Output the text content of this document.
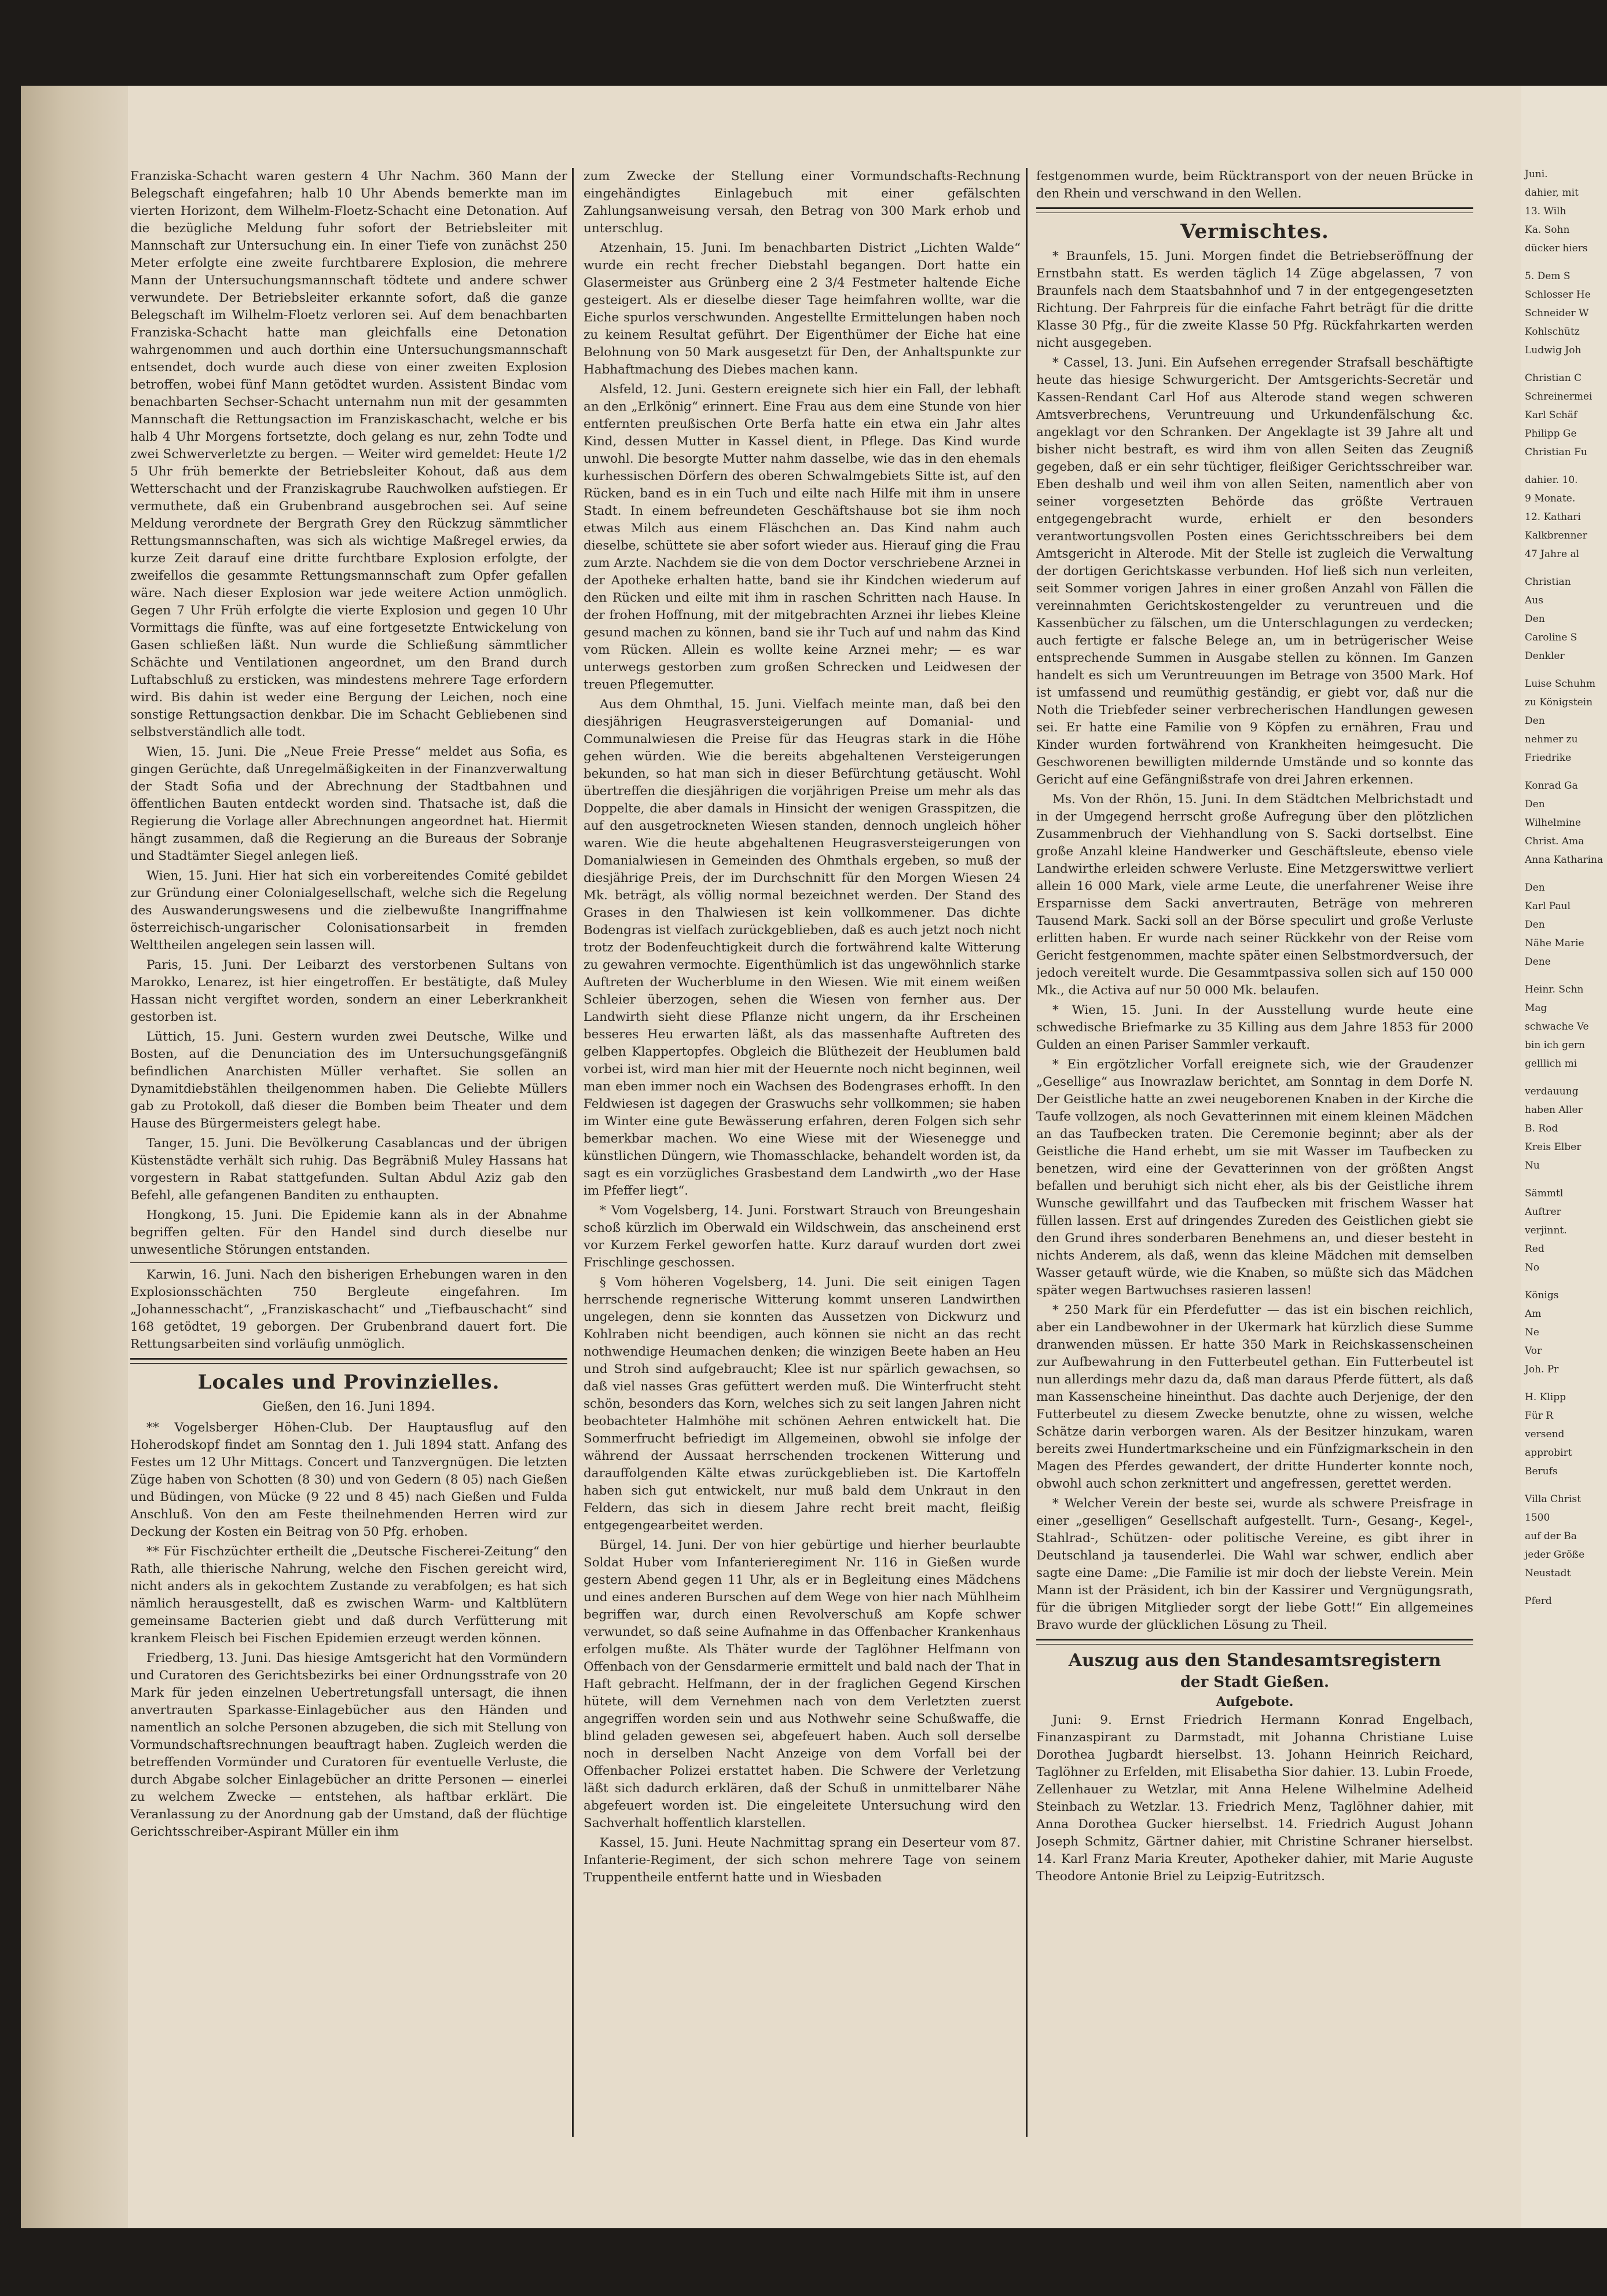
Franziska-Schacht waren gestern 4 Uhr Nachm. 360 Mann der Belegschaft eingefahren; halb 10 Uhr Abends bemerkte man im vierten Horizont, dem Wilhelm-Floetz-Schacht eine Detonation. Auf die bezügliche Meldung fuhr sofort der Betriebsleiter mit Mannschaft zur Untersuchung ein. In einer Tiefe von zunächst 250 Meter erfolgte eine zweite furchtbarere Explosion, die mehrere Mann der Untersuchungsmannschaft tödtete und andere schwer verwundete. Der Betriebsleiter erkannte sofort, daß die ganze Belegschaft im Wilhelm-Floetz verloren sei. Auf dem benachbarten Franziska-Schacht hatte man gleichfalls eine Detonation wahrgenommen und auch dorthin eine Untersuchungsmannschaft entsendet, doch wurde auch diese von einer zweiten Explosion betroffen, wobei fünf Mann getödtet wurden. Assistent Bindac vom benachbarten Sechser-Schacht unternahm nun mit der gesammten Mannschaft die Rettungsaction im Franziskaschacht, welche er bis halb 4 Uhr Morgens fortsetzte, doch gelang es nur, zehn Todte und zwei Schwerverletzte zu bergen. — Weiter wird gemeldet: Heute 1/2 5 Uhr früh bemerkte der Betriebsleiter Kohout, daß aus dem Wetterschacht und der Franziskagrube Rauchwolken aufstiegen. Er vermuthete, daß ein Grubenbrand ausgebrochen sei. Auf seine Meldung verordnete der Bergrath Grey den Rückzug sämmtlicher Rettungsmannschaften, was sich als wichtige Maßregel erwies, da kurze Zeit darauf eine dritte furchtbare Explosion erfolgte, der zweifellos die gesammte Rettungsmannschaft zum Opfer gefallen wäre. Nach dieser Explosion war jede weitere Action unmöglich. Gegen 7 Uhr Früh erfolgte die vierte Explosion und gegen 10 Uhr Vormittags die fünfte, was auf eine fortgesetzte Entwickelung von Gasen schließen läßt. Nun wurde die Schließung sämmtlicher Schächte und Ventilationen angeordnet, um den Brand durch Luftabschluß zu ersticken, was mindestens mehrere Tage erfordern wird. Bis dahin ist weder eine Bergung der Leichen, noch eine sonstige Rettungsaction denkbar. Die im Schacht Gebliebenen sind selbstverständlich alle todt.

Wien, 15. Juni. Die „Neue Freie Presse“ meldet aus Sofia, es gingen Gerüchte, daß Unregelmäßigkeiten in der Finanzverwaltung der Stadt Sofia und der Abrechnung der Stadtbahnen und öffentlichen Bauten entdeckt worden sind. Thatsache ist, daß die Regierung die Vorlage aller Abrechnungen angeordnet hat. Hiermit hängt zusammen, daß die Regierung an die Bureaus der Sobranje und Stadtämter Siegel anlegen ließ.

Wien, 15. Juni. Hier hat sich ein vorbereitendes Comité gebildet zur Gründung einer Colonialgesellschaft, welche sich die Regelung des Auswanderungswesens und die zielbewußte Inangriffnahme österreichisch-ungarischer Colonisationsarbeit in fremden Welttheilen angelegen sein lassen will.

Paris, 15. Juni. Der Leibarzt des verstorbenen Sultans von Marokko, Lenarez, ist hier eingetroffen. Er bestätigte, daß Muley Hassan nicht vergiftet worden, sondern an einer Leberkrankheit gestorben ist.

Lüttich, 15. Juni. Gestern wurden zwei Deutsche, Wilke und Bosten, auf die Denunciation des im Untersuchungsgefängniß befindlichen Anarchisten Müller verhaftet. Sie sollen an Dynamitdiebstählen theilgenommen haben. Die Geliebte Müllers gab zu Protokoll, daß dieser die Bomben beim Theater und dem Hause des Bürgermeisters gelegt habe.

Tanger, 15. Juni. Die Bevölkerung Casablancas und der übrigen Küstenstädte verhält sich ruhig. Das Begräbniß Muley Hassans hat vorgestern in Rabat stattgefunden. Sultan Abdul Aziz gab den Befehl, alle gefangenen Banditen zu enthaupten.

Hongkong, 15. Juni. Die Epidemie kann als in der Abnahme begriffen gelten. Für den Handel sind durch dieselbe nur unwesentliche Störungen entstanden.

Karwin, 16. Juni. Nach den bisherigen Erhebungen waren in den Explosionsschächten 750 Bergleute eingefahren. Im „Johannesschacht“, „Franziskaschacht“ und „Tiefbauschacht“ sind 168 getödtet, 19 geborgen. Der Grubenbrand dauert fort. Die Rettungsarbeiten sind vorläufig unmöglich.

Locales und Provinzielles.
Gießen, den 16. Juni 1894.

** Vogelsberger Höhen-Club. Der Hauptausflug auf den Hoherodskopf findet am Sonntag den 1. Juli 1894 statt. Anfang des Festes um 12 Uhr Mittags. Concert und Tanzvergnügen. Die letzten Züge haben von Schotten (8 30) und von Gedern (8 05) nach Gießen und Büdingen, von Mücke (9 22 und 8 45) nach Gießen und Fulda Anschluß. Von den am Feste theilnehmenden Herren wird zur Deckung der Kosten ein Beitrag von 50 Pfg. erhoben.

** Für Fischzüchter ertheilt die „Deutsche Fischerei-Zeitung“ den Rath, alle thierische Nahrung, welche den Fischen gereicht wird, nicht anders als in gekochtem Zustande zu verabfolgen; es hat sich nämlich herausgestellt, daß es zwischen Warm- und Kaltblütern gemeinsame Bacterien giebt und daß durch Verfütterung mit krankem Fleisch bei Fischen Epidemien erzeugt werden können.

Friedberg, 13. Juni. Das hiesige Amtsgericht hat den Vormündern und Curatoren des Gerichtsbezirks bei einer Ordnungsstrafe von 20 Mark für jeden einzelnen Uebertretungsfall untersagt, die ihnen anvertrauten Sparkasse-Einlagebücher aus den Händen und namentlich an solche Personen abzugeben, die sich mit Stellung von Vormundschaftsrechnungen beauftragt haben. Zugleich werden die betreffenden Vormünder und Curatoren für eventuelle Verluste, die durch Abgabe solcher Einlagebücher an dritte Personen — einerlei zu welchem Zwecke — entstehen, als haftbar erklärt. Die Veranlassung zu der Anordnung gab der Umstand, daß der flüchtige Gerichtsschreiber-Aspirant Müller ein ihm

zum Zwecke der Stellung einer Vormundschafts-Rechnung eingehändigtes Einlagebuch mit einer gefälschten Zahlungsanweisung versah, den Betrag von 300 Mark erhob und unterschlug.

Atzenhain, 15. Juni. Im benachbarten District „Lichten Walde“ wurde ein recht frecher Diebstahl begangen. Dort hatte ein Glasermeister aus Grünberg eine 2 3/4 Festmeter haltende Eiche gesteigert. Als er dieselbe dieser Tage heimfahren wollte, war die Eiche spurlos verschwunden. Angestellte Ermittelungen haben noch zu keinem Resultat geführt. Der Eigenthümer der Eiche hat eine Belohnung von 50 Mark ausgesetzt für Den, der Anhaltspunkte zur Habhaftmachung des Diebes machen kann.

Alsfeld, 12. Juni. Gestern ereignete sich hier ein Fall, der lebhaft an den „Erlkönig“ erinnert. Eine Frau aus dem eine Stunde von hier entfernten preußischen Orte Berfa hatte ein etwa ein Jahr altes Kind, dessen Mutter in Kassel dient, in Pflege. Das Kind wurde unwohl. Die besorgte Mutter nahm dasselbe, wie das in den ehemals kurhessischen Dörfern des oberen Schwalmgebiets Sitte ist, auf den Rücken, band es in ein Tuch und eilte nach Hilfe mit ihm in unsere Stadt. In einem befreundeten Geschäftshause bot sie ihm noch etwas Milch aus einem Fläschchen an. Das Kind nahm auch dieselbe, schüttete sie aber sofort wieder aus. Hierauf ging die Frau zum Arzte. Nachdem sie die von dem Doctor verschriebene Arznei in der Apotheke erhalten hatte, band sie ihr Kindchen wiederum auf den Rücken und eilte mit ihm in raschen Schritten nach Hause. In der frohen Hoffnung, mit der mitgebrachten Arznei ihr liebes Kleine gesund machen zu können, band sie ihr Tuch auf und nahm das Kind vom Rücken. Allein es wollte keine Arznei mehr; — es war unterwegs gestorben zum großen Schrecken und Leidwesen der treuen Pflegemutter.

Aus dem Ohmthal, 15. Juni. Vielfach meinte man, daß bei den diesjährigen Heugrasversteigerungen auf Domanial- und Communalwiesen die Preise für das Heugras stark in die Höhe gehen würden. Wie die bereits abgehaltenen Versteigerungen bekunden, so hat man sich in dieser Befürchtung getäuscht. Wohl übertreffen die diesjährigen die vorjährigen Preise um mehr als das Doppelte, die aber damals in Hinsicht der wenigen Grasspitzen, die auf den ausgetrockneten Wiesen standen, dennoch ungleich höher waren. Wie die heute abgehaltenen Heugrasversteigerungen von Domanialwiesen in Gemeinden des Ohmthals ergeben, so muß der diesjährige Preis, der im Durchschnitt für den Morgen Wiesen 24 Mk. beträgt, als völlig normal bezeichnet werden. Der Stand des Grases in den Thalwiesen ist kein vollkommener. Das dichte Bodengras ist vielfach zurückgeblieben, daß es auch jetzt noch nicht trotz der Bodenfeuchtigkeit durch die fortwährend kalte Witterung zu gewahren vermochte. Eigenthümlich ist das ungewöhnlich starke Auftreten der Wucherblume in den Wiesen. Wie mit einem weißen Schleier überzogen, sehen die Wiesen von fernher aus. Der Landwirth sieht diese Pflanze nicht ungern, da ihr Erscheinen besseres Heu erwarten läßt, als das massenhafte Auftreten des gelben Klappertopfes. Obgleich die Blüthezeit der Heublumen bald vorbei ist, wird man hier mit der Heuernte noch nicht beginnen, weil man eben immer noch ein Wachsen des Bodengrases erhofft. In den Feldwiesen ist dagegen der Graswuchs sehr vollkommen; sie haben im Winter eine gute Bewässerung erfahren, deren Folgen sich sehr bemerkbar machen. Wo eine Wiese mit der Wiesenegge und künstlichen Düngern, wie Thomasschlacke, behandelt worden ist, da sagt es ein vorzügliches Grasbestand dem Landwirth „wo der Hase im Pfeffer liegt“.

* Vom Vogelsberg, 14. Juni. Forstwart Strauch von Breungeshain schoß kürzlich im Oberwald ein Wildschwein, das anscheinend erst vor Kurzem Ferkel geworfen hatte. Kurz darauf wurden dort zwei Frischlinge geschossen.

§ Vom höheren Vogelsberg, 14. Juni. Die seit einigen Tagen herrschende regnerische Witterung kommt unseren Landwirthen ungelegen, denn sie konnten das Aussetzen von Dickwurz und Kohlraben nicht beendigen, auch können sie nicht an das recht nothwendige Heumachen denken; die winzigen Beete haben an Heu und Stroh sind aufgebraucht; Klee ist nur spärlich gewachsen, so daß viel nasses Gras gefüttert werden muß. Die Winterfrucht steht schön, besonders das Korn, welches sich zu seit langen Jahren nicht beobachteter Halmhöhe mit schönen Aehren entwickelt hat. Die Sommerfrucht befriedigt im Allgemeinen, obwohl sie infolge der während der Aussaat herrschenden trockenen Witterung und darauffolgenden Kälte etwas zurückgeblieben ist. Die Kartoffeln haben sich gut entwickelt, nur muß bald dem Unkraut in den Feldern, das sich in diesem Jahre recht breit macht, fleißig entgegengearbeitet werden.

Bürgel, 14. Juni. Der von hier gebürtige und hierher beurlaubte Soldat Huber vom Infanterieregiment Nr. 116 in Gießen wurde gestern Abend gegen 11 Uhr, als er in Begleitung eines Mädchens und eines anderen Burschen auf dem Wege von hier nach Mühlheim begriffen war, durch einen Revolverschuß am Kopfe schwer verwundet, so daß seine Aufnahme in das Offenbacher Krankenhaus erfolgen mußte. Als Thäter wurde der Taglöhner Helfmann von Offenbach von der Gensdarmerie ermittelt und bald nach der That in Haft gebracht. Helfmann, der in der fraglichen Gegend Kirschen hütete, will dem Vernehmen nach von dem Verletzten zuerst angegriffen worden sein und aus Nothwehr seine Schußwaffe, die blind geladen gewesen sei, abgefeuert haben. Auch soll derselbe noch in derselben Nacht Anzeige von dem Vorfall bei der Offenbacher Polizei erstattet haben. Die Schwere der Verletzung läßt sich dadurch erklären, daß der Schuß in unmittelbarer Nähe abgefeuert worden ist. Die eingeleitete Untersuchung wird den Sachverhalt hoffentlich klarstellen.

Kassel, 15. Juni. Heute Nachmittag sprang ein Deserteur vom 87. Infanterie-Regiment, der sich schon mehrere Tage von seinem Truppentheile entfernt hatte und in Wiesbaden

festgenommen wurde, beim Rücktransport von der neuen Brücke in den Rhein und verschwand in den Wellen.

Vermischtes.

* Braunfels, 15. Juni. Morgen findet die Betriebseröffnung der Ernstbahn statt. Es werden täglich 14 Züge abgelassen, 7 von Braunfels nach dem Staatsbahnhof und 7 in der entgegengesetzten Richtung. Der Fahrpreis für die einfache Fahrt beträgt für die dritte Klasse 30 Pfg., für die zweite Klasse 50 Pfg. Rückfahrkarten werden nicht ausgegeben.

* Cassel, 13. Juni. Ein Aufsehen erregender Strafsall beschäftigte heute das hiesige Schwurgericht. Der Amtsgerichts-Secretär und Kassen-Rendant Carl Hof aus Alterode stand wegen schweren Amtsverbrechens, Veruntreuung und Urkundenfälschung &c. angeklagt vor den Schranken. Der Angeklagte ist 39 Jahre alt und bisher nicht bestraft, es wird ihm von allen Seiten das Zeugniß gegeben, daß er ein sehr tüchtiger, fleißiger Gerichtsschreiber war. Eben deshalb und weil ihm von allen Seiten, namentlich aber von seiner vorgesetzten Behörde das größte Vertrauen entgegengebracht wurde, erhielt er den besonders verantwortungsvollen Posten eines Gerichtsschreibers bei dem Amtsgericht in Alterode. Mit der Stelle ist zugleich die Verwaltung der dortigen Gerichtskasse verbunden. Hof ließ sich nun verleiten, seit Sommer vorigen Jahres in einer großen Anzahl von Fällen die vereinnahmten Gerichtskostengelder zu veruntreuen und die Kassenbücher zu fälschen, um die Unterschlagungen zu verdecken; auch fertigte er falsche Belege an, um in betrügerischer Weise entsprechende Summen in Ausgabe stellen zu können. Im Ganzen handelt es sich um Veruntreuungen im Betrage von 3500 Mark. Hof ist umfassend und reumüthig geständig, er giebt vor, daß nur die Noth die Triebfeder seiner verbrecherischen Handlungen gewesen sei. Er hatte eine Familie von 9 Köpfen zu ernähren, Frau und Kinder wurden fortwährend von Krankheiten heimgesucht. Die Geschworenen bewilligten mildernde Umstände und so konnte das Gericht auf eine Gefängnißstrafe von drei Jahren erkennen.

Ms. Von der Rhön, 15. Juni. In dem Städtchen Melbrichstadt und in der Umgegend herrscht große Aufregung über den plötzlichen Zusammenbruch der Viehhandlung von S. Sacki dortselbst. Eine große Anzahl kleine Handwerker und Geschäftsleute, ebenso viele Landwirthe erleiden schwere Verluste. Eine Metzgerswittwe verliert allein 16 000 Mark, viele arme Leute, die unerfahrener Weise ihre Ersparnisse dem Sacki anvertrauten, Beträge von mehreren Tausend Mark. Sacki soll an der Börse speculirt und große Verluste erlitten haben. Er wurde nach seiner Rückkehr von der Reise vom Gericht festgenommen, machte später einen Selbstmordversuch, der jedoch vereitelt wurde. Die Gesammtpassiva sollen sich auf 150 000 Mk., die Activa auf nur 50 000 Mk. belaufen.

* Wien, 15. Juni. In der Ausstellung wurde heute eine schwedische Briefmarke zu 35 Killing aus dem Jahre 1853 für 2000 Gulden an einen Pariser Sammler verkauft.

* Ein ergötzlicher Vorfall ereignete sich, wie der Graudenzer „Gesellige“ aus Inowrazlaw berichtet, am Sonntag in dem Dorfe N. Der Geistliche hatte an zwei neugeborenen Knaben in der Kirche die Taufe vollzogen, als noch Gevatterinnen mit einem kleinen Mädchen an das Taufbecken traten. Die Ceremonie beginnt; aber als der Geistliche die Hand erhebt, um sie mit Wasser im Taufbecken zu benetzen, wird eine der Gevatterinnen von der größten Angst befallen und beruhigt sich nicht eher, als bis der Geistliche ihrem Wunsche gewillfahrt und das Taufbecken mit frischem Wasser hat füllen lassen. Erst auf dringendes Zureden des Geistlichen giebt sie den Grund ihres sonderbaren Benehmens an, und dieser besteht in nichts Anderem, als daß, wenn das kleine Mädchen mit demselben Wasser getauft würde, wie die Knaben, so müßte sich das Mädchen später wegen Bartwuchses rasieren lassen!

* 250 Mark für ein Pferdefutter — das ist ein bischen reichlich, aber ein Landbewohner in der Ukermark hat kürzlich diese Summe dranwenden müssen. Er hatte 350 Mark in Reichskassenscheinen zur Aufbewahrung in den Futterbeutel gethan. Ein Futterbeutel ist nun allerdings mehr dazu da, daß man daraus Pferde füttert, als daß man Kassenscheine hineinthut. Das dachte auch Derjenige, der den Futterbeutel zu diesem Zwecke benutzte, ohne zu wissen, welche Schätze darin verborgen waren. Als der Besitzer hinzukam, waren bereits zwei Hundertmarkscheine und ein Fünfzigmarkschein in den Magen des Pferdes gewandert, der dritte Hunderter konnte noch, obwohl auch schon zerknittert und angefressen, gerettet werden.

* Welcher Verein der beste sei, wurde als schwere Preisfrage in einer „geselligen“ Gesellschaft aufgestellt. Turn-, Gesang-, Kegel-, Stahlrad-, Schützen- oder politische Vereine, es gibt ihrer in Deutschland ja tausenderlei. Die Wahl war schwer, endlich aber sagte eine Dame: „Die Familie ist mir doch der liebste Verein. Mein Mann ist der Präsident, ich bin der Kassirer und Vergnügungsrath, für die übrigen Mitglieder sorgt der liebe Gott!“ Ein allgemeines Bravo wurde der glücklichen Lösung zu Theil.

Auszug aus den Standesamtsregistern
der Stadt Gießen.
Aufgebote.

Juni: 9. Ernst Friedrich Hermann Konrad Engelbach, Finanzaspirant zu Darmstadt, mit Johanna Christiane Luise Dorothea Jugbardt hierselbst. 13. Johann Heinrich Reichard, Taglöhner zu Erfelden, mit Elisabetha Sior dahier. 13. Lubin Froede, Zellenhauer zu Wetzlar, mit Anna Helene Wilhelmine Adelheid Steinbach zu Wetzlar. 13. Friedrich Menz, Taglöhner dahier, mit Anna Dorothea Gucker hierselbst. 14. Friedrich August Johann Joseph Schmitz, Gärtner dahier, mit Christine Schraner hierselbst. 14. Karl Franz Maria Kreuter, Apotheker dahier, mit Marie Auguste Theodore Antonie Briel zu Leipzig-Eutritzsch.

Juni.
dahier, mit
13. Wilh
Ka. Sohn
dücker hiers
5. Dem S
Schlosser He
Schneider W
Kohlschütz
Ludwig Joh
Christian C
Schreinermei
Karl Schäf
Philipp Ge
Christian Fu
dahier. 10.
9 Monate.
12. Kathari
Kalkbrenner
47 Jahre al
Christian
Aus
Den
Caroline S
Denkler
Luise Schuhm
zu Königstein
Den
nehmer zu
Friedrike
Konrad Ga
Den
Wilhelmine
Christ. Ama
Anna Katharina
Den
Karl Paul
Den
Nähe Marie
Dene
Heinr. Schn
Mag
schwache Ve
bin ich gern
gelllich mi
verdauung
haben Aller
B. Rod
Kreis Elber
Nu
Sämmtl
Auftrer
verjinnt.
Red
No
Königs
Am
Ne
Vor
Joh. Pr
H. Klipp
Für R
versend
approbirt
Berufs
Villa Christ
1500
auf der Ba
jeder Größe
Neustadt
Pferd
